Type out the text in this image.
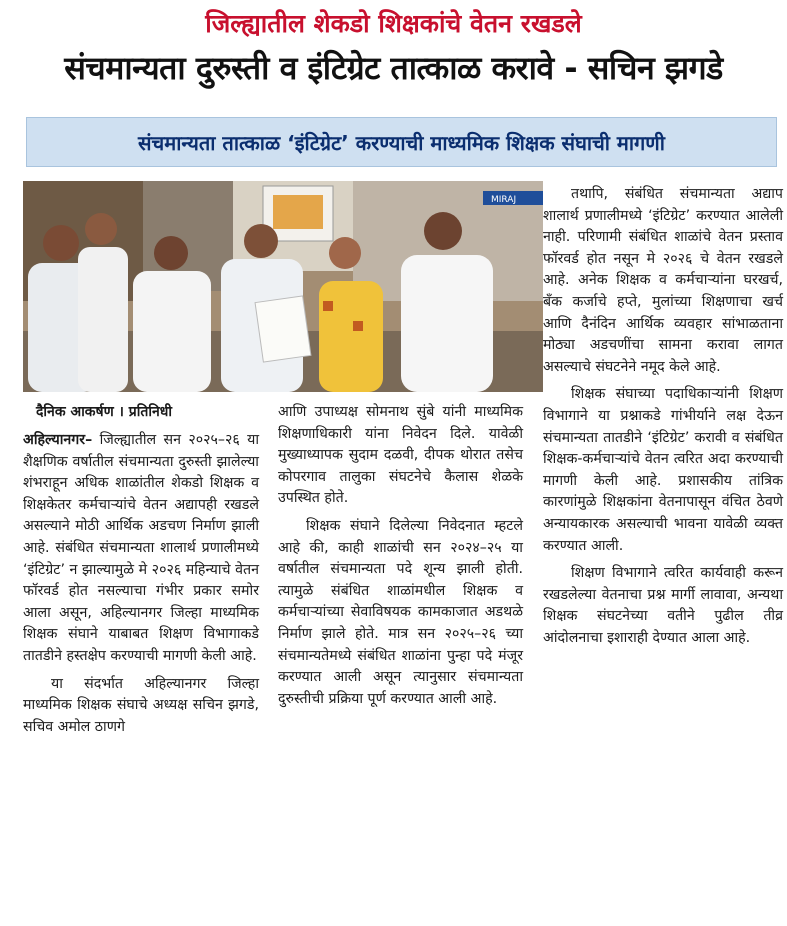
जिल्ह्यातील शेकडो शिक्षकांचे वेतन रखडले
संचमान्यता दुरुस्ती व इंटिग्रेट तात्काळ करावे - सचिन झगडे
संचमान्यता तात्काळ ‘इंटिग्रेट’ करण्याची माध्यमिक शिक्षक संघाची मागणी
MIRAJ
दैनिक आकर्षण । प्रतिनिधी

अहिल्यानगर– जिल्ह्यातील सन २०२५–२६ या शैक्षणिक वर्षातील संचमान्यता दुरुस्ती झालेल्या शंभराहून अधिक शाळांतील शेकडो शिक्षक व शिक्षकेतर कर्मचाऱ्यांचे वेतन अद्यापही रखडले असल्याने मोठी आर्थिक अडचण निर्माण झाली आहे. संबंधित संचमान्यता शालार्थ प्रणालीमध्ये ‘इंटिग्रेट’ न झाल्यामुळे मे २०२६ महिन्याचे वेतन फॉरवर्ड होत नसल्याचा गंभीर प्रकार समोर आला असून, अहिल्यानगर जिल्हा माध्यमिक शिक्षक संघाने याबाबत शिक्षण विभागाकडे तातडीने हस्तक्षेप करण्याची मागणी केली आहे.

या संदर्भात अहिल्यानगर जिल्हा माध्यमिक शिक्षक संघाचे अध्यक्ष सचिन झगडे, सचिव अमोल ठाणगे

आणि उपाध्यक्ष सोमनाथ सुंबे यांनी माध्यमिक शिक्षणाधिकारी यांना निवेदन दिले. यावेळी मुख्याध्यापक सुदाम दळवी, दीपक थोरात तसेच कोपरगाव तालुका संघटनेचे कैलास शेळके उपस्थित होते.

शिक्षक संघाने दिलेल्या निवेदनात म्हटले आहे की, काही शाळांची सन २०२४–२५ या वर्षातील संचमान्यता पदे शून्य झाली होती. त्यामुळे संबंधित शाळांमधील शिक्षक व कर्मचाऱ्यांच्या सेवाविषयक कामकाजात अडथळे निर्माण झाले होते. मात्र सन २०२५–२६ च्या संचमान्यतेमध्ये संबंधित शाळांना पुन्हा पदे मंजूर करण्यात आली असून त्यानुसार संचमान्यता दुरुस्तीची प्रक्रिया पूर्ण करण्यात आली आहे.

तथापि, संबंधित संचमान्यता अद्याप शालार्थ प्रणालीमध्ये ‘इंटिग्रेट’ करण्यात आलेली नाही. परिणामी संबंधित शाळांचे वेतन प्रस्ताव फॉरवर्ड होत नसून मे २०२६ चे वेतन रखडले आहे. अनेक शिक्षक व कर्मचाऱ्यांना घरखर्च, बँक कर्जाचे हप्ते, मुलांच्या शिक्षणाचा खर्च आणि दैनंदिन आर्थिक व्यवहार सांभाळताना मोठ्या अडचणींचा सामना करावा लागत असल्याचे संघटनेने नमूद केले आहे.

शिक्षक संघाच्या पदाधिकाऱ्यांनी शिक्षण विभागाने या प्रश्नाकडे गांभीर्याने लक्ष देऊन संचमान्यता तातडीने ‘इंटिग्रेट’ करावी व संबंधित शिक्षक-कर्मचाऱ्यांचे वेतन त्वरित अदा करण्याची मागणी केली आहे. प्रशासकीय तांत्रिक कारणांमुळे शिक्षकांना वेतनापासून वंचित ठेवणे अन्यायकारक असल्याची भावना यावेळी व्यक्त करण्यात आली.

शिक्षण विभागाने त्वरित कार्यवाही करून रखडलेल्या वेतनाचा प्रश्न मार्गी लावावा, अन्यथा शिक्षक संघटनेच्या वतीने पुढील तीव्र आंदोलनाचा इशाराही देण्यात आला आहे.
